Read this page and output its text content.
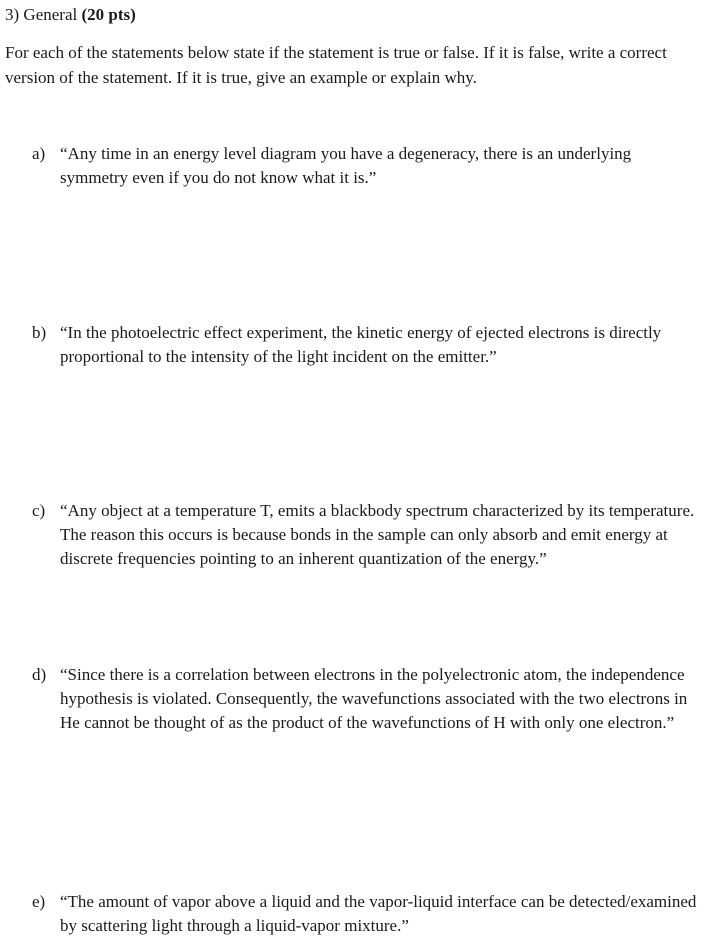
3) General (20 pts)
For each of the statements below state if the statement is true or false. If it is false, write a correct version of the statement. If it is true, give an example or explain why.
a) “Any time in an energy level diagram you have a degeneracy, there is an underlying symmetry even if you do not know what it is.”
b) “In the photoelectric effect experiment, the kinetic energy of ejected electrons is directly proportional to the intensity of the light incident on the emitter.”
c) “Any object at a temperature T, emits a blackbody spectrum characterized by its temperature. The reason this occurs is because bonds in the sample can only absorb and emit energy at discrete frequencies pointing to an inherent quantization of the energy.”
d) “Since there is a correlation between electrons in the polyelectronic atom, the independence hypothesis is violated. Consequently, the wavefunctions associated with the two electrons in He cannot be thought of as the product of the wavefunctions of H with only one electron.”
e) “The amount of vapor above a liquid and the vapor-liquid interface can be detected/examined by scattering light through a liquid-vapor mixture.”
